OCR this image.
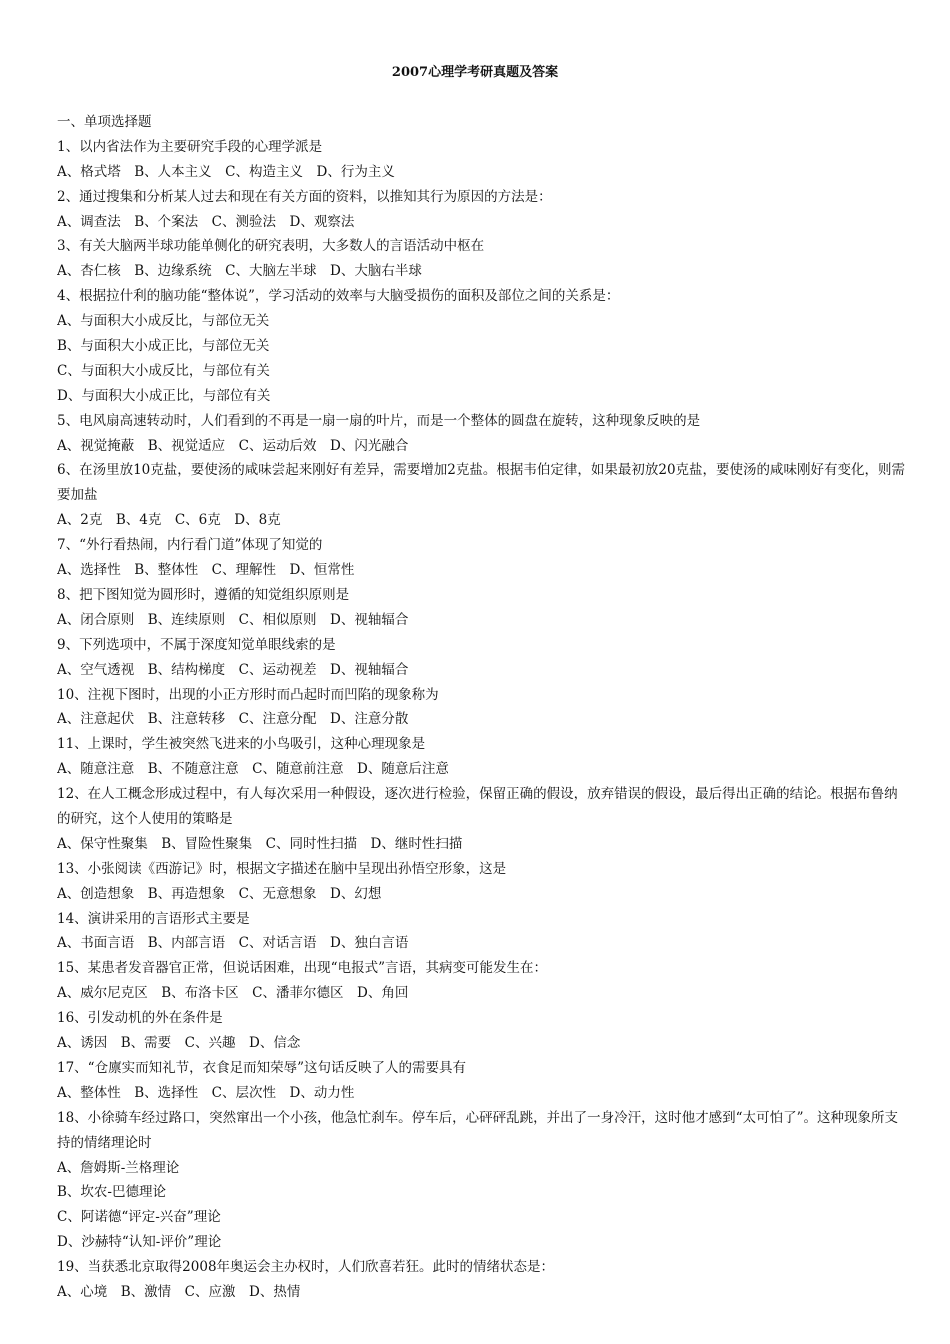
2007心理学考研真题及答案
一、单项选择题
1、以内省法作为主要研究手段的心理学派是
A、格式塔　B、人本主义　C、构造主义　D、行为主义
2、通过搜集和分析某人过去和现在有关方面的资料，以推知其行为原因的方法是：
A、调查法　B、个案法　C、测验法　D、观察法
3、有关大脑两半球功能单侧化的研究表明，大多数人的言语活动中枢在
A、杏仁核　B、边缘系统　C、大脑左半球　D、大脑右半球
4、根据拉什利的脑功能“整体说”，学习活动的效率与大脑受损伤的面积及部位之间的关系是：
A、与面积大小成反比，与部位无关
B、与面积大小成正比，与部位无关
C、与面积大小成反比，与部位有关
D、与面积大小成正比，与部位有关
5、电风扇高速转动时，人们看到的不再是一扇一扇的叶片，而是一个整体的圆盘在旋转，这种现象反映的是
A、视觉掩蔽　B、视觉适应　C、运动后效　D、闪光融合
6、在汤里放10克盐，要使汤的咸味尝起来刚好有差异，需要增加2克盐。根据韦伯定律，如果最初放20克盐，要使汤的咸味刚好有变化，则需要加盐
A、2克　B、4克　C、6克　D、8克
7、“外行看热闹，内行看门道”体现了知觉的
A、选择性　B、整体性　C、理解性　D、恒常性
8、把下图知觉为圆形时，遵循的知觉组织原则是
A、闭合原则　B、连续原则　C、相似原则　D、视轴辐合
9、下列选项中，不属于深度知觉单眼线索的是
A、空气透视　B、结构梯度　C、运动视差　D、视轴辐合
10、注视下图时，出现的小正方形时而凸起时而凹陷的现象称为
A、注意起伏　B、注意转移　C、注意分配　D、注意分散
11、上课时，学生被突然飞进来的小鸟吸引，这种心理现象是
A、随意注意　B、不随意注意　C、随意前注意　D、随意后注意
12、在人工概念形成过程中，有人每次采用一种假设，逐次进行检验，保留正确的假设，放弃错误的假设，最后得出正确的结论。根据布鲁纳的研究，这个人使用的策略是
A、保守性聚集　B、冒险性聚集　C、同时性扫描　D、继时性扫描
13、小张阅读《西游记》时，根据文字描述在脑中呈现出孙悟空形象，这是
A、创造想象　B、再造想象　C、无意想象　D、幻想
14、演讲采用的言语形式主要是
A、书面言语　B、内部言语　C、对话言语　D、独白言语
15、某患者发音器官正常，但说话困难，出现“电报式”言语，其病变可能发生在：
A、威尔尼克区　B、布洛卡区　C、潘菲尔德区　D、角回
16、引发动机的外在条件是
A、诱因　B、需要　C、兴趣　D、信念
17、“仓廪实而知礼节，衣食足而知荣辱”这句话反映了人的需要具有
A、整体性　B、选择性　C、层次性　D、动力性
18、小徐骑车经过路口，突然窜出一个小孩，他急忙刹车。停车后，心砰砰乱跳，并出了一身冷汗，这时他才感到“太可怕了”。这种现象所支持的情绪理论时
A、詹姆斯-兰格理论
B、坎农-巴德理论
C、阿诺德“评定-兴奋”理论
D、沙赫特“认知-评价”理论
19、当获悉北京取得2008年奥运会主办权时，人们欣喜若狂。此时的情绪状态是：
A、心境　B、激情　C、应激　D、热情
